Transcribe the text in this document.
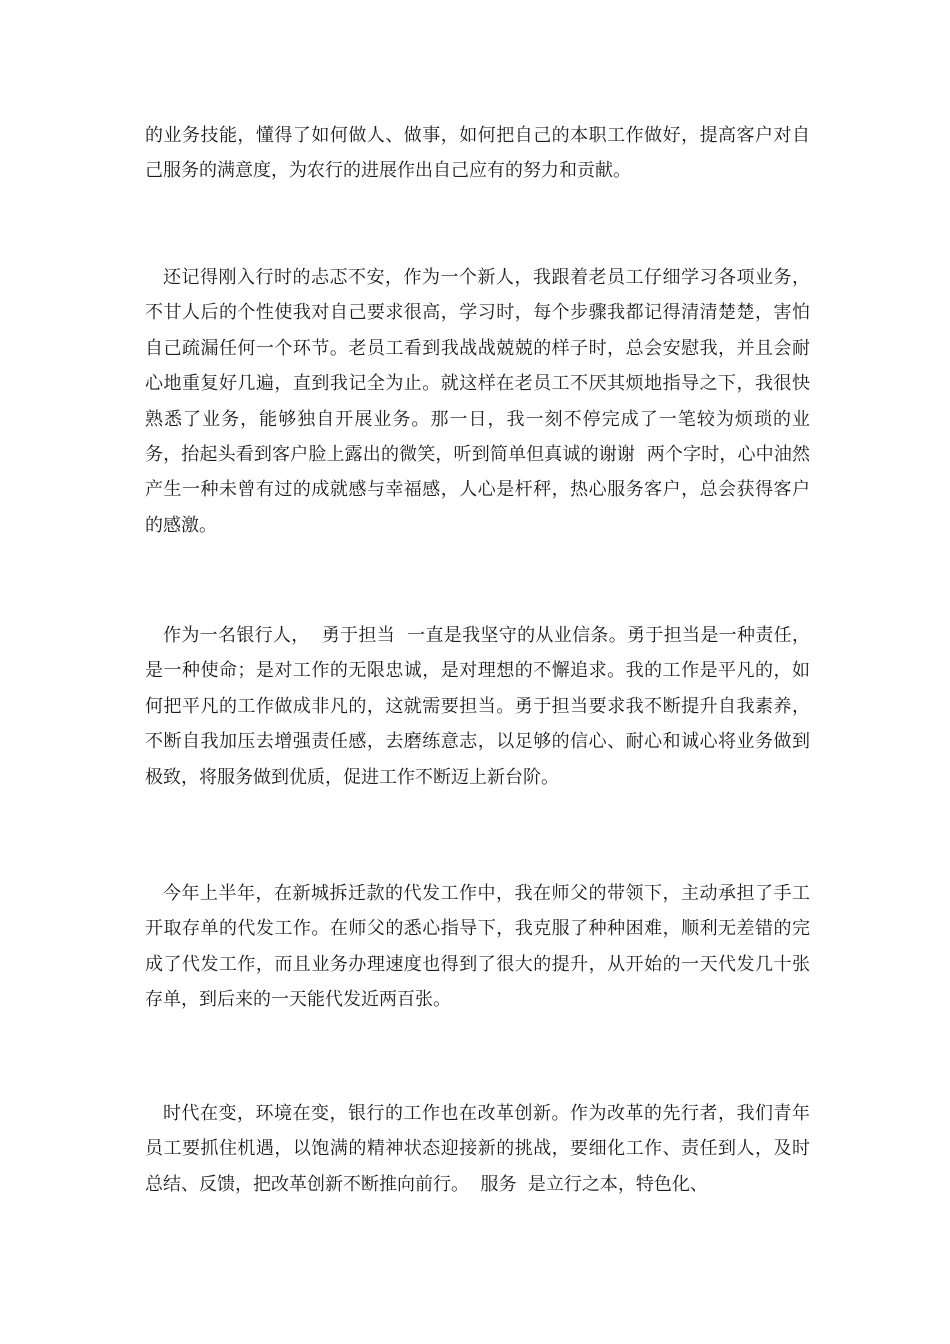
的业务技能，懂得了如何做人、做事，如何把自己的本职工作做好，提高客户对自己服务的满意度，为农行的进展作出自己应有的努力和贡献。

还记得刚入行时的忐忑不安，作为一个新人，我跟着老员工仔细学习各项业务，不甘人后的个性使我对自己要求很高，学习时，每个步骤我都记得清清楚楚，害怕自己疏漏任何一个环节。老员工看到我战战兢兢的样子时，总会安慰我，并且会耐心地重复好几遍，直到我记全为止。就这样在老员工不厌其烦地指导之下，我很快熟悉了业务，能够独自开展业务。那一日，我一刻不停完成了一笔较为烦琐的业务，抬起头看到客户脸上露出的微笑，听到简单但真诚的谢谢  两个字时，心中油然产生一种未曾有过的成就感与幸福感，人心是杆秤，热心服务客户，总会获得客户的感激。

作为一名银行人，  勇于担当  一直是我坚守的从业信条。勇于担当是一种责任，是一种使命；是对工作的无限忠诚，是对理想的不懈追求。我的工作是平凡的，如何把平凡的工作做成非凡的，这就需要担当。勇于担当要求我不断提升自我素养，不断自我加压去增强责任感，去磨练意志，以足够的信心、耐心和诚心将业务做到极致，将服务做到优质，促进工作不断迈上新台阶。

今年上半年，在新城拆迁款的代发工作中，我在师父的带领下，主动承担了手工开取存单的代发工作。在师父的悉心指导下，我克服了种种困难，顺利无差错的完成了代发工作，而且业务办理速度也得到了很大的提升，从开始的一天代发几十张存单，到后来的一天能代发近两百张。

时代在变，环境在变，银行的工作也在改革创新。作为改革的先行者，我们青年员工要抓住机遇，以饱满的精神状态迎接新的挑战，要细化工作、责任到人，及时总结、反馈，把改革创新不断推向前行。  服务  是立行之本，特色化、
